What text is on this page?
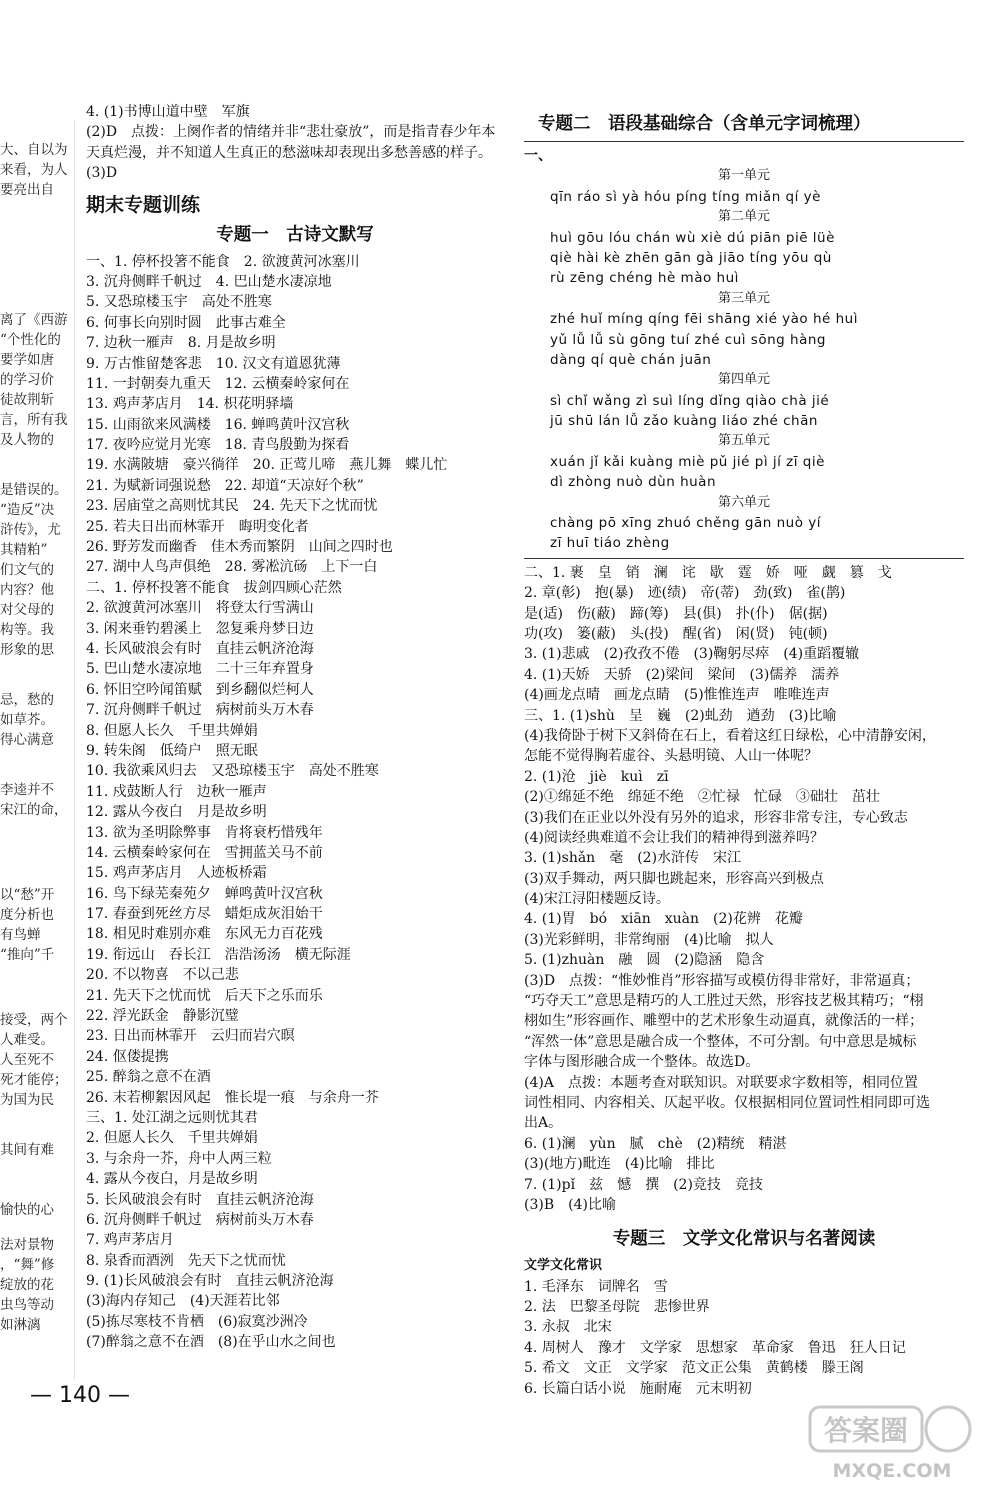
大、自以为
来看，为人
要亮出自
离了《西游
“个性化的
要学如唐
的学习价
徒故荆斩
言，所有我
及人物的
是错误的。
“造反”决
浒传》，尤
其精粕”
们文气的
内容？他
对父母的
构等。我
形象的思
忌，愁的
如草芥。
得心满意
李逵并不
宋江的命，
以“愁”开
度分析也
有鸟蝉
“推向”千
接受，两个
人难受。
人至死不
死才能停；
为国为民
其间有难
愉快的心
法对景物
，“舞”修
绽放的花
虫鸟等动
如淋漓
4. (1)书博山道中壁　军旗
(2)D　点拨：上阕作者的情绪并非“悲壮豪放”，而是指青春少年本
天真烂漫，并不知道人生真正的愁滋味却表现出多愁善感的样子。
(3)D
期末专题训练
专题一　古诗文默写
一、1. 停杯投箸不能食　2. 欲渡黄河冰塞川
3. 沉舟侧畔千帆过　4. 巴山楚水凄凉地
5. 又恐琼楼玉宇　高处不胜寒
6. 何事长向别时圆　此事古难全
7. 边秋一雁声　8. 月是故乡明
9. 万古惟留楚客悲　10. 汉文有道恩犹薄
11. 一封朝奏九重天　12. 云横秦岭家何在
13. 鸡声茅店月　14. 枳花明驿墙
15. 山雨欲来风满楼　16. 蝉鸣黄叶汉宫秋
17. 夜吟应觉月光寒　18. 青鸟殷勤为探看
19. 水满陂塘　豪兴徜徉　20. 正莺儿啼　燕儿舞　蝶儿忙
21. 为赋新词强说愁　22. 却道“天凉好个秋”
23. 居庙堂之高则忧其民　24. 先天下之忧而忧
25. 若夫日出而林霏开　晦明变化者
26. 野芳发而幽香　佳木秀而繁阴　山间之四时也
27. 湖中人鸟声俱绝　28. 雾凇沆砀　上下一白
二、1. 停杯投箸不能食　拔剑四顾心茫然
2. 欲渡黄河冰塞川　将登太行雪满山
3. 闲来垂钓碧溪上　忽复乘舟梦日边
4. 长风破浪会有时　直挂云帆济沧海
5. 巴山楚水凄凉地　二十三年弃置身
6. 怀旧空吟闻笛赋　到乡翻似烂柯人
7. 沉舟侧畔千帆过　病树前头万木春
8. 但愿人长久　千里共婵娟
9. 转朱阁　低绮户　照无眠
10. 我欲乘风归去　又恐琼楼玉宇　高处不胜寒
11. 戍鼓断人行　边秋一雁声
12. 露从今夜白　月是故乡明
13. 欲为圣明除弊事　肯将衰朽惜残年
14. 云横秦岭家何在　雪拥蓝关马不前
15. 鸡声茅店月　人迹板桥霜
16. 鸟下绿芜秦苑夕　蝉鸣黄叶汉宫秋
17. 春蚕到死丝方尽　蜡炬成灰泪始干
18. 相见时难别亦难　东风无力百花残
19. 衔远山　吞长江　浩浩汤汤　横无际涯
20. 不以物喜　不以己悲
21. 先天下之忧而忧　后天下之乐而乐
22. 浮光跃金　静影沉璧
23. 日出而林霏开　云归而岩穴暝
24. 伛偻提携
25. 醉翁之意不在酒
26. 末若柳絮因风起　惟长堤一痕　与余舟一芥
三、1. 处江湖之远则忧其君
2. 但愿人长久　千里共婵娟
3. 与余舟一芥，舟中人两三粒
4. 露从今夜白，月是故乡明
5. 长风破浪会有时　直挂云帆济沧海
6. 沉舟侧畔千帆过　病树前头万木春
7. 鸡声茅店月
8. 泉香而酒洌　先天下之忧而忧
9. (1)长风破浪会有时　直挂云帆济沧海
(3)海内存知己　(4)天涯若比邻
(5)拣尽寒枝不肯栖　(6)寂寞沙洲冷
(7)醉翁之意不在酒　(8)在乎山水之间也
专题二　语段基础综合（含单元字词梳理）
一、
第一单元
qīn ráo sì yà hóu píng tíng miǎn qí yè
第二单元
huì gōu lóu chán wù xiè dú piān piē lüè
qiè hài kè zhēn gān gà jiāo tíng yōu qù
rù zēng chéng hè mào huì
第三单元
zhé huǐ míng qíng fēi shāng xié yào hé huì
yǔ lǚ lǚ sù gōng tuí zhé cuì sōng hàng
dàng qí què chán juān
第四单元
sì chǐ wǎng zì suì líng dǐng qiào chà jié
jū shū lán lǚ zǎo kuàng liáo zhé chān
第五单元
xuán jǐ kǎi kuàng miè pǔ jié pì jí zī qiè
dì zhòng nuò dùn huàn
第六单元
chàng pō xīng zhuó chěng gān nuò yí
zī huī tiáo zhèng
二、1. 裹　皇　销　澜　诧　歇　霆　娇　哑　觑　篡　戈
2. 章(彰)　抱(暴)　迹(绩)　帝(蒂)　劲(致)　雀(鹊)
是(适)　伤(蔽)　蹄(筹)　县(俱)　扑(仆)　倨(据)
功(攻)　篓(蔽)　头(投)　醒(省)　闲(贤)　钝(顿)
3. (1)悲戚　(2)孜孜不倦　(3)鞠躬尽瘁　(4)重蹈覆辙
4. (1)天娇　天骄　(2)梁间　梁间　(3)儒养　濡养
(4)画龙点晴　画龙点睛　(5)惟惟连声　唯唯连声
三、1. (1)shù　呈　巍　(2)虬劲　遒劲　(3)比喻
(4)我倚卧于树下又斜倚在石上，看着这红日绿松，心中清静安闲，
怎能不觉得胸若虚谷、头悬明镜、人山一体呢？
2. (1)沧　jiè　kuì　zī
(2)①绵延不绝　绵延不绝　②忙禄　忙碌　③础壮　茁壮
(3)我们在正业以外没有另外的追求，形容非常专注，专心致志
(4)阅读经典难道不会让我们的精神得到滋养吗？
3. (1)shǎn　毫　(2)水浒传　宋江
(3)双手舞动，两只脚也跳起来，形容高兴到极点
(4)宋江浔阳楼题反诗。
4. (1)胃　bó　xiān　xuàn　(2)花辨　花瓣
(3)光彩鲜明，非常绚丽　(4)比喻　拟人
5. (1)zhuàn　融　圆　(2)隐涵　隐含
(3)D　点拨：“惟妙惟肖”形容描写或模仿得非常好，非常逼真；
“巧夺天工”意思是精巧的人工胜过天然，形容技艺极其精巧；“栩
栩如生”形容画作、雕塑中的艺术形象生动逼真，就像活的一样；
“浑然一体”意思是融合成一个整体，不可分割。句中意思是城标
字体与图形融合成一个整体。故选D。
(4)A　点拨：本题考查对联知识。对联要求字数相等，相同位置
词性相同、内容相关、仄起平收。仅根据相同位置词性相同即可选
出A。
6. (1)澜　yùn　腻　chè　(2)精统　精湛
(3)(地方)毗连　(4)比喻　排比
7. (1)pǐ　兹　憾　撰　(2)竞技　竞技
(3)B　(4)比喻
专题三　文学文化常识与名著阅读
文学文化常识
1. 毛泽东　词牌名　雪
2. 法　巴黎圣母院　悲惨世界
3. 永叔　北宋
4. 周树人　豫才　文学家　思想家　革命家　鲁迅　狂人日记
5. 希文　文正　文学家　范文正公集　黄鹤楼　滕王阁
6. 长篇白话小说　施耐庵　元末明初
— 140 —
答案圈
MXQE.COM
